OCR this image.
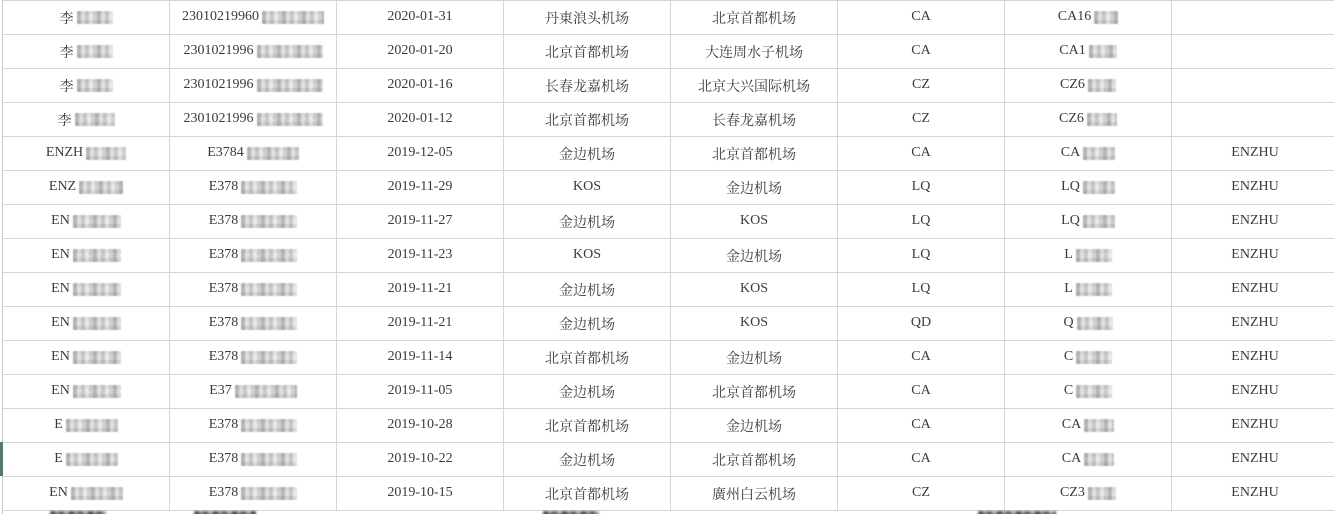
李	23010219960	2020-01-31	丹東浪头机场	北京首都机场	CA	CA16	
李	2301021996	2020-01-20	北京首都机场	大连周水子机场	CA	CA1	
李	2301021996	2020-01-16	长春龙嘉机场	北京大兴国际机场	CZ	CZ6	
李	2301021996	2020-01-12	北京首都机场	长春龙嘉机场	CZ	CZ6	
ENZH	E3784	2019-12-05	金边机场	北京首都机场	CA	CA	ENZHU
ENZ	E378	2019-11-29	KOS	金边机场	LQ	LQ	ENZHU
EN	E378	2019-11-27	金边机场	KOS	LQ	LQ	ENZHU
EN	E378	2019-11-23	KOS	金边机场	LQ	L	ENZHU
EN	E378	2019-11-21	金边机场	KOS	LQ	L	ENZHU
EN	E378	2019-11-21	金边机场	KOS	QD	Q	ENZHU
EN	E378	2019-11-14	北京首都机场	金边机场	CA	C	ENZHU
EN	E37	2019-11-05	金边机场	北京首都机场	CA	C	ENZHU
E	E378	2019-10-28	北京首都机场	金边机场	CA	CA	ENZHU
E	E378	2019-10-22	金边机场	北京首都机场	CA	CA	ENZHU
EN	E378	2019-10-15	北京首都机场	廣州白云机场	CZ	CZ3	ENZHU
